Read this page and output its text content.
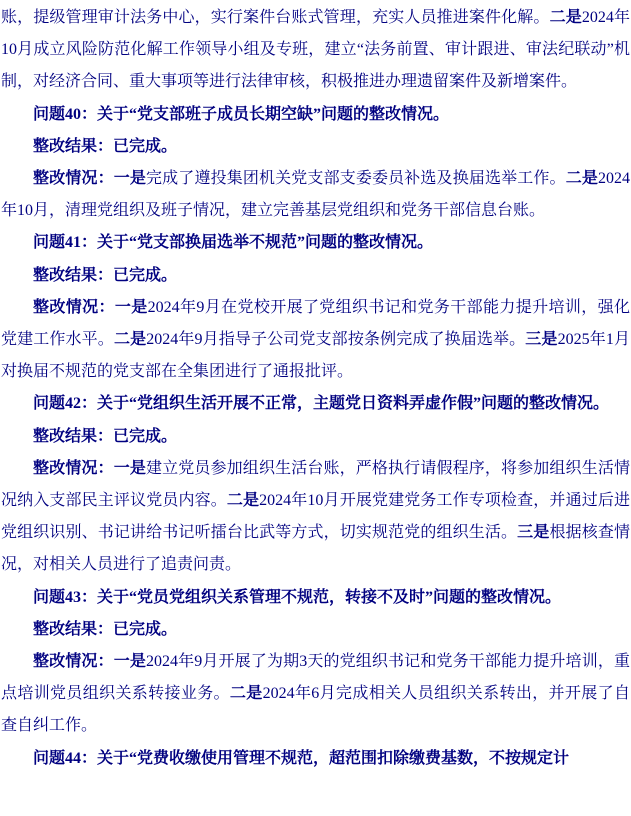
账，提级管理审计法务中心，实行案件台账式管理，充实人员推进案件化解。二是2024年10月成立风险防范化解工作领导小组及专班，建立“法务前置、审计跟进、审法纪联动”机制，对经济合同、重大事项等进行法律审核，积极推进办理遗留案件及新增案件。

问题40：关于“党支部班子成员长期空缺”问题的整改情况。

整改结果：已完成。

整改情况：一是完成了遵投集团机关党支部支委委员补选及换届选举工作。二是2024年10月，清理党组织及班子情况，建立完善基层党组织和党务干部信息台账。

问题41：关于“党支部换届选举不规范”问题的整改情况。

整改结果：已完成。

整改情况：一是2024年9月在党校开展了党组织书记和党务干部能力提升培训，强化党建工作水平。二是2024年9月指导子公司党支部按条例完成了换届选举。三是2025年1月对换届不规范的党支部在全集团进行了通报批评。

问题42：关于“党组织生活开展不正常，主题党日资料弄虚作假”问题的整改情况。

整改结果：已完成。

整改情况：一是建立党员参加组织生活台账，严格执行请假程序，将参加组织生活情况纳入支部民主评议党员内容。二是2024年10月开展党建党务工作专项检查，并通过后进党组织识别、书记讲给书记听擂台比武等方式，切实规范党的组织生活。三是根据核查情况，对相关人员进行了追责问责。

问题43：关于“党员党组织关系管理不规范，转接不及时”问题的整改情况。

整改结果：已完成。

整改情况：一是2024年9月开展了为期3天的党组织书记和党务干部能力提升培训，重点培训党员组织关系转接业务。二是2024年6月完成相关人员组织关系转出，并开展了自查自纠工作。

问题44：关于“党费收缴使用管理不规范，超范围扣除缴费基数，不按规定计
